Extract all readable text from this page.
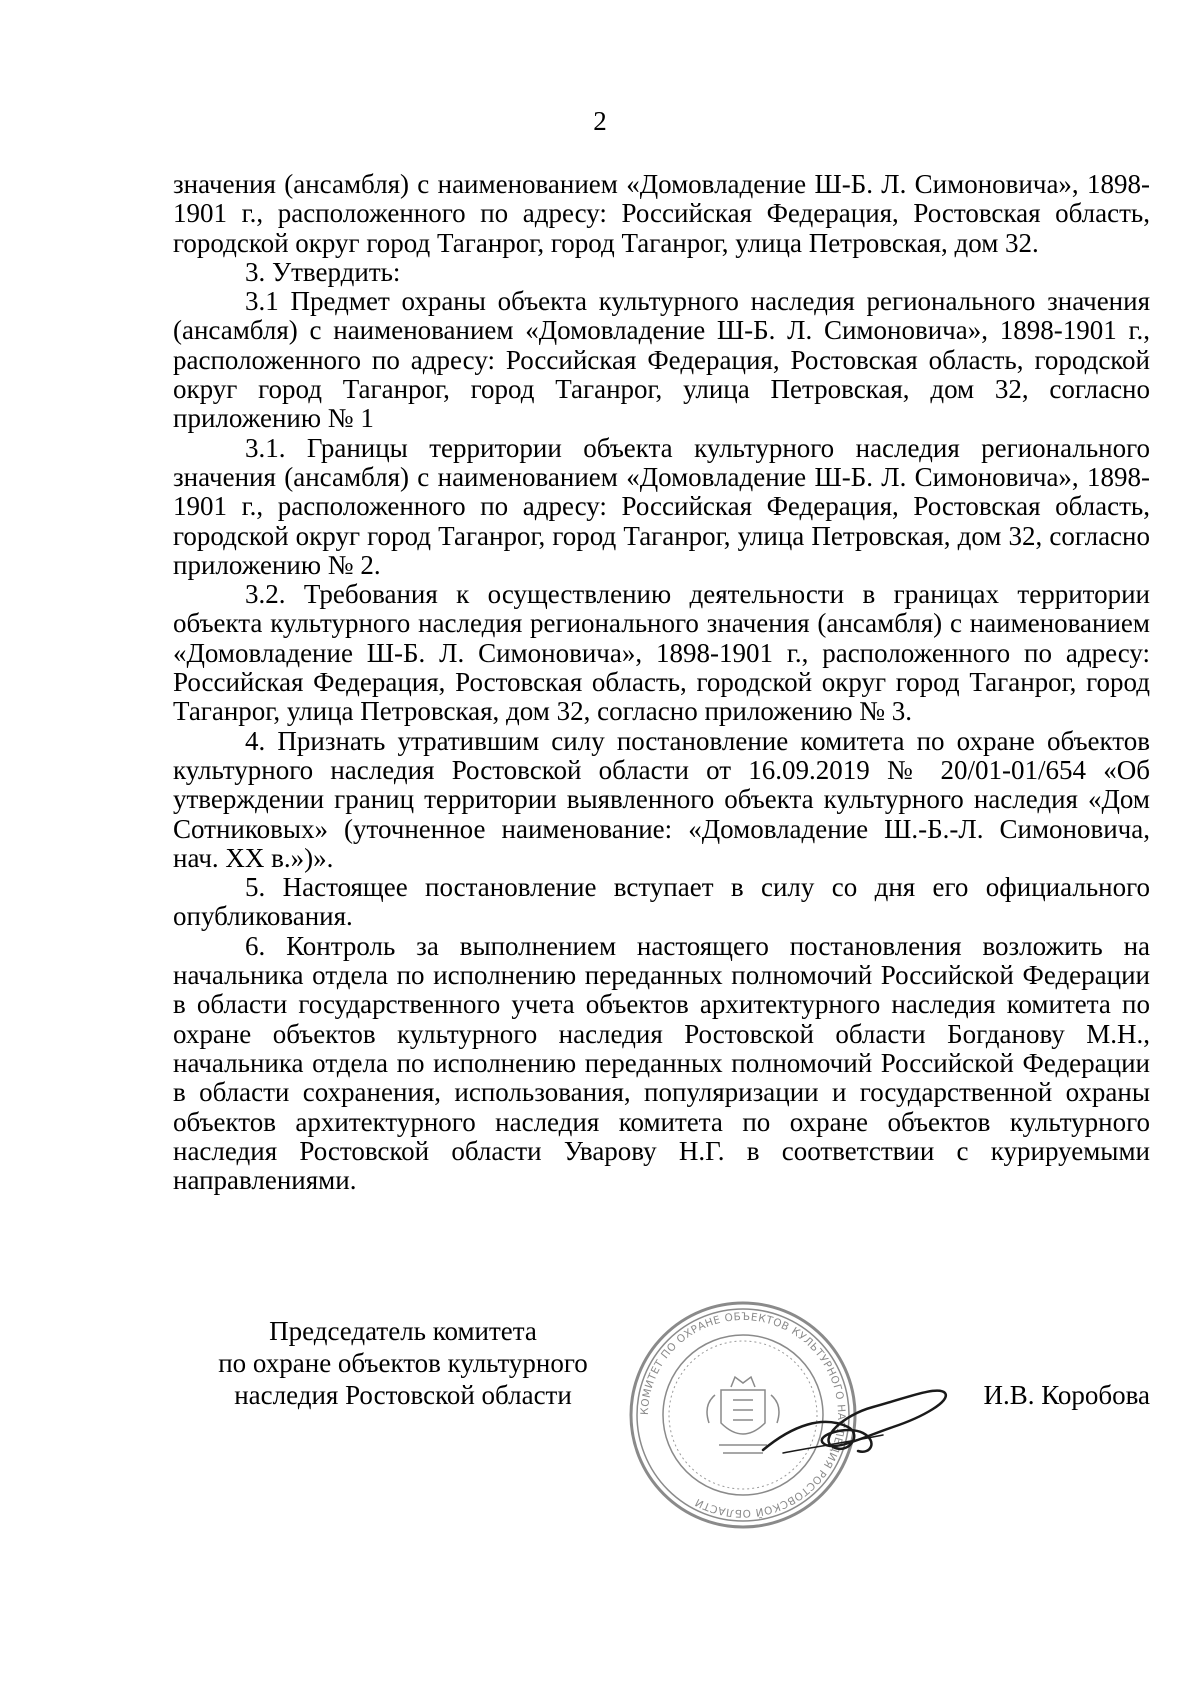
2

значения (ансамбля) с наименованием «Домовладение Ш-Б. Л. Симоновича», 1898-1901 г., расположенного по адресу: Российская Федерация, Ростовская область, городской округ город Таганрог, город Таганрог, улица Петровская, дом 32.

3. Утвердить:

3.1 Предмет охраны объекта культурного наследия регионального значения (ансамбля) с наименованием «Домовладение Ш-Б. Л. Симоновича», 1898-1901 г., расположенного по адресу: Российская Федерация, Ростовская область, городской округ город Таганрог, город Таганрог, улица Петровская, дом 32, согласно приложению № 1

3.1. Границы территории объекта культурного наследия регионального значения (ансамбля) с наименованием «Домовладение Ш-Б. Л. Симоновича», 1898-1901 г., расположенного по адресу: Российская Федерация, Ростовская область, городской округ город Таганрог, город Таганрог, улица Петровская, дом 32, согласно приложению № 2.

3.2. Требования к осуществлению деятельности в границах территории объекта культурного наследия регионального значения (ансамбля) с наименованием «Домовладение Ш-Б. Л. Симоновича», 1898-1901 г., расположенного по адресу: Российская Федерация, Ростовская область, городской округ город Таганрог, город Таганрог, улица Петровская, дом 32, согласно приложению № 3.

4. Признать утратившим силу постановление комитета по охране объектов культурного наследия Ростовской области от 16.09.2019 № 20/01-01/654 «Об утверждении границ территории выявленного объекта культурного наследия «Дом Сотниковых» (уточненное наименование: «Домовладение Ш.-Б.-Л. Симоновича, нач. XX в.»)».

5. Настоящее постановление вступает в силу со дня его официального опубликования.

6. Контроль за выполнением настоящего постановления возложить на начальника отдела по исполнению переданных полномочий Российской Федерации в области государственного учета объектов архитектурного наследия комитета по охране объектов культурного наследия Ростовской области Богданову М.Н., начальника отдела по исполнению переданных полномочий Российской Федерации в области сохранения, использования, популяризации и государственной охраны объектов архитектурного наследия комитета по охране объектов культурного наследия Ростовской области Уварову Н.Г. в соответствии с курируемыми направлениями.

Председатель комитета
по охране объектов культурного
наследия Ростовской области
КОМИТЕТ ПО ОХРАНЕ ОБЪЕКТОВ КУЛЬТУРНОГО НАСЛЕДИЯ РОСТОВСКОЙ ОБЛАСТИ
И.В. Коробова
